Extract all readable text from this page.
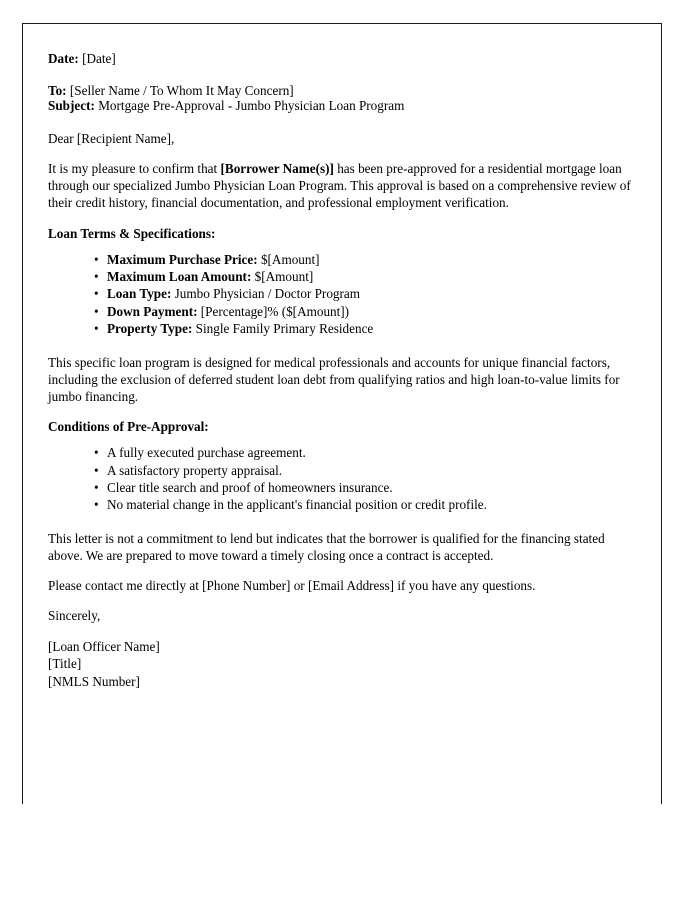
Date: [Date]

To: [Seller Name / To Whom It May Concern]

Subject: Mortgage Pre-Approval - Jumbo Physician Loan Program

Dear [Recipient Name],

It is my pleasure to confirm that [Borrower Name(s)] has been pre-approved for a residential mortgage loan through our specialized Jumbo Physician Loan Program. This approval is based on a comprehensive review of their credit history, financial documentation, and professional employment verification.

Loan Terms & Specifications:

• Maximum Purchase Price: $[Amount]
• Maximum Loan Amount: $[Amount]
• Loan Type: Jumbo Physician / Doctor Program
• Down Payment: [Percentage]% ($[Amount])
• Property Type: Single Family Primary Residence

This specific loan program is designed for medical professionals and accounts for unique financial factors, including the exclusion of deferred student loan debt from qualifying ratios and high loan-to-value limits for jumbo financing.

Conditions of Pre-Approval:

• A fully executed purchase agreement.
• A satisfactory property appraisal.
• Clear title search and proof of homeowners insurance.
• No material change in the applicant's financial position or credit profile.

This letter is not a commitment to lend but indicates that the borrower is qualified for the financing stated above. We are prepared to move toward a timely closing once a contract is accepted.

Please contact me directly at [Phone Number] or [Email Address] if you have any questions.

Sincerely,

[Loan Officer Name]

[Title]

[NMLS Number]
